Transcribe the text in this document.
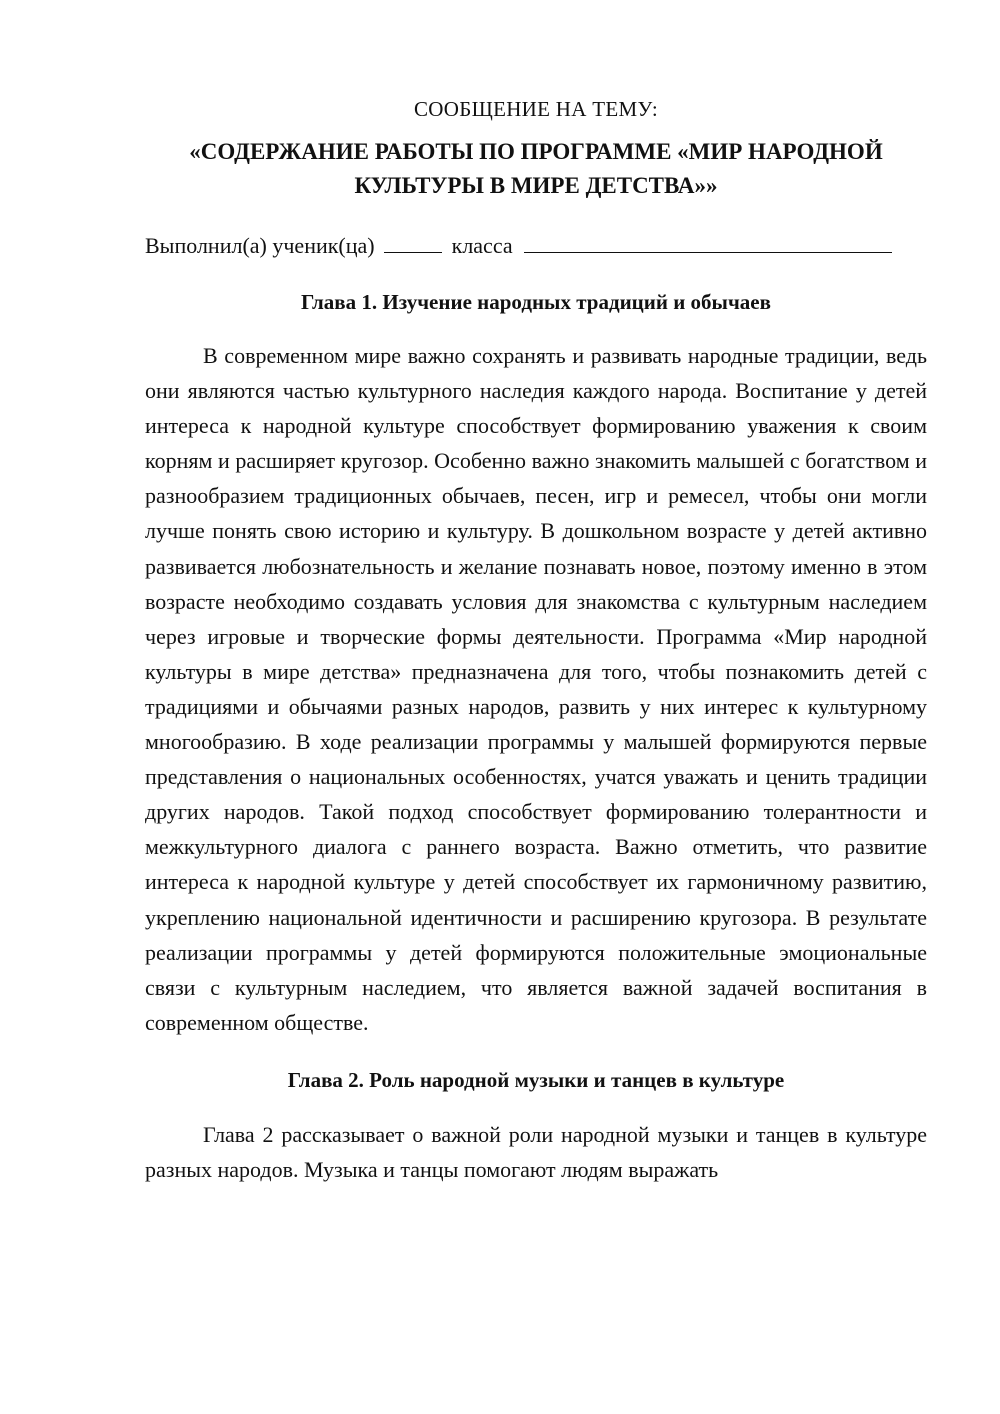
СООБЩЕНИЕ НА ТЕМУ:

«СОДЕРЖАНИЕ РАБОТЫ ПО ПРОГРАММЕ «МИР НАРОДНОЙ
КУЛЬТУРЫ В МИРЕ ДЕТСТВА»»

Выполнил(а) ученик(ца)	класса

Глава 1. Изучение народных традиций и обычаев

В современном мире важно сохранять и развивать народные традиции, ведь они являются частью культурного наследия каждого народа. Воспитание у детей интереса к народной культуре способствует формированию уважения к своим корням и расширяет кругозор. Особенно важно знакомить малышей с богатством и разнообразием традиционных обычаев, песен, игр и ремесел, чтобы они могли лучше понять свою историю и культуру. В дошкольном возрасте у детей активно развивается любознательность и желание познавать новое, поэтому именно в этом возрасте необходимо создавать условия для знакомства с культурным наследием через игровые и творческие формы деятельности. Программа «Мир народной культуры в мире детства» предназначена для того, чтобы познакомить детей с традициями и обычаями разных народов, развить у них интерес к культурному многообразию. В ходе реализации программы у малышей формируются первые представления о национальных особенностях, учатся уважать и ценить традиции других народов. Такой подход способствует формированию толерантности и межкультурного диалога с раннего возраста. Важно отметить, что развитие интереса к народной культуре у детей способствует их гармоничному развитию, укреплению национальной идентичности и расширению кругозора. В результате реализации программы у детей формируются положительные эмоциональные связи с культурным наследием, что является важной задачей воспитания в современном обществе.

Глава 2. Роль народной музыки и танцев в культуре

Глава 2 рассказывает о важной роли народной музыки и танцев в культуре разных народов. Музыка и танцы помогают людям выражать
